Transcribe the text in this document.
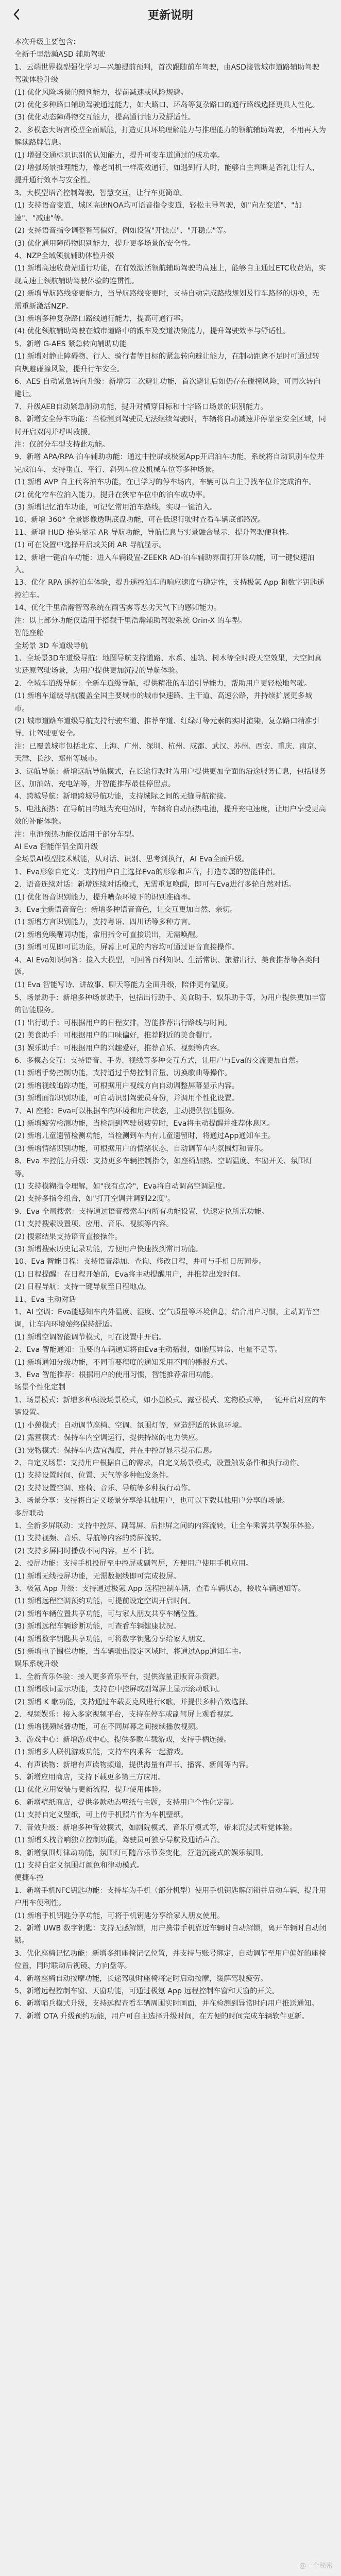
更新说明

本次升级主要包含：

全新千里浩瀚ASD 辅助驾驶

1、云端世界模型强化学习—兴趣提前预判，首次跟随前车驾驶，由ASD接管城市道路辅助驾驶驾驶体验升级

(1) 优化风险场景的预判能力，提前减速或风险规避。

(2) 优化多种路口辅助驾驶通过能力，如大路口、环岛等复杂路口的通行路线选择更具人性化。

(3) 优化动态障碍物交互能力，提高通行能力及舒适性。

2、多模态大语言模型全面赋能，打造更具环境理解能力与推理能力的领航辅助驾驶，不用再人为解读路牌信息。

(1) 增强交通标识识别的认知能力，提升可变车道通过的成功率。

(2) 增强场景推理能力，像老司机一样高效通行，如遇到行人时，能够自主判断是否礼让行人，提升通行效率与安全性。

3、大模型语音控制驾驶，智慧交互，让行车更简单。

(1) 支持语音变道，城区高速NOA均可语音指令变道，轻松主导驾驶，如"向左变道"、"加速"、"减速"等。

(2) 支持语音指令调整智驾偏好，例如设置"开快点"、"开稳点"等。

(3) 优化通用障碍物识别能力，提升更多场景的安全性。

4、NZP全域领航辅助体验升级

(1) 新增高速收费站通行功能，在有效激活领航辅助驾驶的高速上，能够自主通过ETC收费站，实现高速上领航辅助驾驶体验的连贯性。

(2) 新增导航路线变更能力，当导航路线变更时，支持自动完成路线规划及行车路径的切换，无需重新激活NZP。

(3) 新增多种复杂路口路线通行能力，提高可通行率。

(4) 优化领航辅助驾驶在城市道路中的跟车及变道决策能力，提升驾驶效率与舒适性。

5、新增 G-AES 紧急转向辅助功能

(1) 新增对静止障碍物、行人、骑行者等目标的紧急转向避让能力，在制动距离不足时可通过转向规避碰撞风险，提升行车安全。

6、AES 自动紧急转向升级：新增第二次避让功能，首次避让后如仍存在碰撞风险，可再次转向避让。

7、升级AEB自动紧急制动功能，提升对横穿目标和十字路口场景的识别能力。

8、新增安全停车功能：当检测到驾驶员无法继续驾驶时，车辆将自动减速并停靠至安全区域，同时开启双闪并呼叫救援。

注：仅部分车型支持此功能。

9、新增 APA/RPA 泊车辅助功能：通过中控屏或极氪App开启泊车功能，系统将自动识别车位并完成泊车，支持垂直、平行、斜列车位及机械车位等多种场景。

(1) 新增 AVP 自主代客泊车功能，在已学习的停车场内，车辆可以自主寻找车位并完成泊车。

(2) 优化窄车位泊入能力，提升在狭窄车位中的泊车成功率。

(3) 新增记忆泊车功能，可记忆常用泊车路线，实现一键泊入。

10、新增 360° 全景影像透明底盘功能，可在低速行驶时查看车辆底部路况。

11、新增 HUD 抬头显示 AR 导航功能，导航信息与实景融合显示，提升驾驶便利性。

(1) 可在设置中选择开启或关闭 AR 导航显示。

12、新增一键泊车功能：进入车辆设置-ZEEKR AD-泊车辅助界面打开该功能，可一键快速泊入。

13、优化 RPA 遥控泊车体验，提升遥控泊车的响应速度与稳定性，支持极氪 App 和数字钥匙遥控泊车。

14、优化千里浩瀚智驾系统在雨雪雾等恶劣天气下的感知能力。

注：以上部分功能仅适用于搭载千里浩瀚辅助驾驶系统 Orin-X 的车型。

智能座舱

全场景 3D 车道级导航

1、全场景3D车道级导航：地图导航支持道路、水系、建筑、树木等全时段天空效果，大空间真实还原驾驶场景，为用户提供更加沉浸的导航体验。

2、全域车道级导航：全新车道级导航，提供精准的车道引导能力，帮助用户更轻松地驾驶。

(1) 新增车道级导航覆盖全国主要城市的城市快速路、主干道、高速公路，并持续扩展更多城市。

(2) 城市道路车道级导航支持行驶车道、推荐车道、红绿灯等元素的实时渲染，复杂路口精准引导，让驾驶更安全。

注：已覆盖城市包括北京、上海、广州、深圳、杭州、成都、武汉、苏州、西安、重庆、南京、天津、长沙、郑州等城市。

3、远航导航：新增远航导航模式，在长途行驶时为用户提供更加全面的沿途服务信息，包括服务区、加油站、充电站等，并智能推荐最佳停留点。

4、跨城导航：新增跨城导航功能，支持城际之间的无缝导航衔接。

5、电池预热：在导航目的地为充电站时，车辆将自动预热电池，提升充电速度，让用户享受更高效的补能体验。

注：电池预热功能仅适用于部分车型。

AI Eva 智能伴侣全面升级

全场景AI模型技术赋能，从对话、识别、思考到执行，AI Eva全面升级。

1、Eva形象自定义：支持用户自主选择Eva的形象和声音，打造专属的智能伴侣。

2、语音连续对话：新增连续对话模式，无需重复唤醒，即可与Eva进行多轮自然对话。

(1) 优化语音识别能力，提升嘈杂环境下的识别准确率。

3、Eva全新语音音色：新增多种语音音色，让交互更加自然、亲切。

(1) 新增方言识别能力，支持粤语、四川话等多种方言。

(2) 新增免唤醒词功能，常用指令可直接说出，无需唤醒。

(3) 新增可见即可说功能，屏幕上可见的内容均可通过语音直接操作。

4、AI Eva知识问答：接入大模型，可回答百科知识、生活常识、旅游出行、美食推荐等各类问题。

(1) Eva 智能写诗、讲故事、聊天等能力全面升级，陪伴更有温度。

5、场景助手：新增多种场景助手，包括出行助手、美食助手、娱乐助手等，为用户提供更加丰富的智能服务。

(1) 出行助手：可根据用户的日程安排，智能推荐出行路线与时间。

(2) 美食助手：可根据用户的口味偏好，推荐附近的美食餐厅。

(3) 娱乐助手：可根据用户的兴趣爱好，推荐音乐、视频等内容。

6、多模态交互：支持语音、手势、视线等多种交互方式，让用户与Eva的交流更加自然。

(1) 新增手势控制功能，支持通过手势控制音量、切换歌曲等操作。

(2) 新增视线追踪功能，可根据用户视线方向自动调整屏幕显示内容。

(3) 新增面部识别功能，可自动识别驾驶员身份，并调用个性化设置。

7、AI 座舱：Eva可以根据车内环境和用户状态，主动提供智能服务。

(1) 新增疲劳检测功能，当检测到驾驶员疲劳时，Eva将主动提醒并推荐休息区。

(2) 新增儿童遗留检测功能，当检测到车内有儿童遗留时，将通过App通知车主。

(3) 新增情绪识别功能，可根据用户的情绪状态，自动调节车内氛围灯和音乐。

8、Eva 车控能力升级：支持更多车辆控制指令，如座椅加热、空调温度、车窗开关、氛围灯等。

(1) 支持模糊指令理解，如"我有点冷"，Eva将自动调高空调温度。

(2) 支持多指令组合，如"打开空调并调到22度"。

9、Eva 全局搜索：支持通过语音搜索车内所有功能设置，快速定位所需功能。

(1) 支持搜索设置项、应用、音乐、视频等内容。

(2) 搜索结果支持语音直接操作。

(3) 新增搜索历史记录功能，方便用户快速找到常用功能。

10、Eva 智能日程：支持语音添加、查询、修改日程，并可与手机日历同步。

(1) 日程提醒：在日程开始前，Eva将主动提醒用户，并推荐出发时间。

(2) 日程导航：支持一键导航至日程地点。

11、Eva 主动对话

1、AI 空调：Eva能感知车内外温度、湿度、空气质量等环境信息，结合用户习惯，主动调节空调，让车内环境始终保持舒适。

(1) 新增空调智能调节模式，可在设置中开启。

2、Eva 智能通知：重要的车辆通知将由Eva主动播报，如胎压异常、电量不足等。

(1) 新增通知分级功能，不同重要程度的通知采用不同的播报方式。

3、Eva 智能推荐：根据用户的使用习惯，智能推荐常用功能。

场景个性化定制

1、场景模式：新增多种预设场景模式，如小憩模式、露营模式、宠物模式等，一键开启对应的车辆设置。

(1) 小憩模式：自动调节座椅、空调、氛围灯等，营造舒适的休息环境。

(2) 露营模式：保持车内空调运行，提供持续的电力供应。

(3) 宠物模式：保持车内适宜温度，并在中控屏显示提示信息。

2、自定义场景：支持用户根据自己的需求，自定义场景模式，设置触发条件和执行动作。

(1) 支持设置时间、位置、天气等多种触发条件。

(2) 支持设置空调、座椅、音乐、导航等多种执行动作。

3、场景分享：支持将自定义场景分享给其他用户，也可以下载其他用户分享的场景。

多屏联动

1、全新多屏联动：支持中控屏、副驾屏、后排屏之间的内容流转，让全车乘客共享娱乐体验。

(1) 支持视频、音乐、导航等内容的跨屏流转。

(2) 支持多屏同时播放不同内容，互不干扰。

2、投屏功能：支持手机投屏至中控屏或副驾屏，方便用户使用手机应用。

(1) 新增无线投屏功能，无需数据线即可完成投屏。

3、极氪 App 升级：支持通过极氪 App 远程控制车辆，查看车辆状态，接收车辆通知等。

(1) 新增远程空调预约功能，可提前设定空调开启时间。

(2) 新增车辆位置共享功能，可与家人朋友共享车辆位置。

(3) 新增远程车辆诊断功能，可查看车辆健康状况。

(4) 新增数字钥匙共享功能，可将数字钥匙分享给家人朋友。

(5) 新增电子围栏功能，当车辆驶出设定区域时，将通过App通知车主。

娱乐系统升级

1、全新音乐体验：接入更多音乐平台，提供海量正版音乐资源。

(1) 新增歌词显示功能，支持在中控屏或副驾屏上显示滚动歌词。

(2) 新增 K 歌功能，支持通过车载麦克风进行K歌，并提供多种音效选择。

2、视频娱乐：接入多家视频平台，支持在停车或副驾屏上观看视频。

(1) 新增视频续播功能，可在不同屏幕之间接续播放视频。

3、游戏中心：新增游戏中心，提供多款车载游戏，支持手柄连接。

(1) 新增多人联机游戏功能，支持车内乘客一起游戏。

4、有声读物：新增有声读物频道，提供海量有声书、播客、新闻等内容。

5、新增应用商店，支持下载更多第三方应用。

(1) 优化应用安装与更新流程，提升使用体验。

6、新增壁纸商店，提供多款动态壁纸与主题，支持用户个性化定制。

(1) 支持自定义壁纸，可上传手机照片作为车机壁纸。

7、音效升级：新增多种音效模式，如剧院模式、音乐厅模式等，带来沉浸式听觉体验。

(1) 新增头枕音响独立控制功能，驾驶员可独享导航及通话声音。

8、新增氛围灯律动功能，氛围灯可随音乐节奏变化，营造沉浸式的娱乐氛围。

(1) 支持自定义氛围灯颜色和律动模式。

便捷车控

1、新增手机NFC钥匙功能：支持华为手机（部分机型）使用手机钥匙解闭锁并启动车辆，提升用户用车便利性。

(1) 新增手机钥匙分享功能，可将手机钥匙分享给家人朋友使用。

2、新增 UWB 数字钥匙：支持无感解锁，用户携带手机靠近车辆时自动解锁，离开车辆时自动闭锁。

3、优化座椅记忆功能：新增多组座椅记忆位置，并支持与账号绑定，自动调节至用户偏好的座椅位置，同时联动后视镜、方向盘等。

4、新增座椅自动按摩功能，长途驾驶时座椅将定时启动按摩，缓解驾驶疲劳。

5、新增远程控制车窗、天窗功能，可通过极氪 App 远程控制车窗和天窗的开关。

6、新增哨兵模式升级，支持远程查看车辆周围实时画面，并在检测到异常时向用户推送通知。

7、新增 OTA 升级预约功能，用户可自主选择升级时间，在方便的时间完成车辆软件更新。

@一个秘密
